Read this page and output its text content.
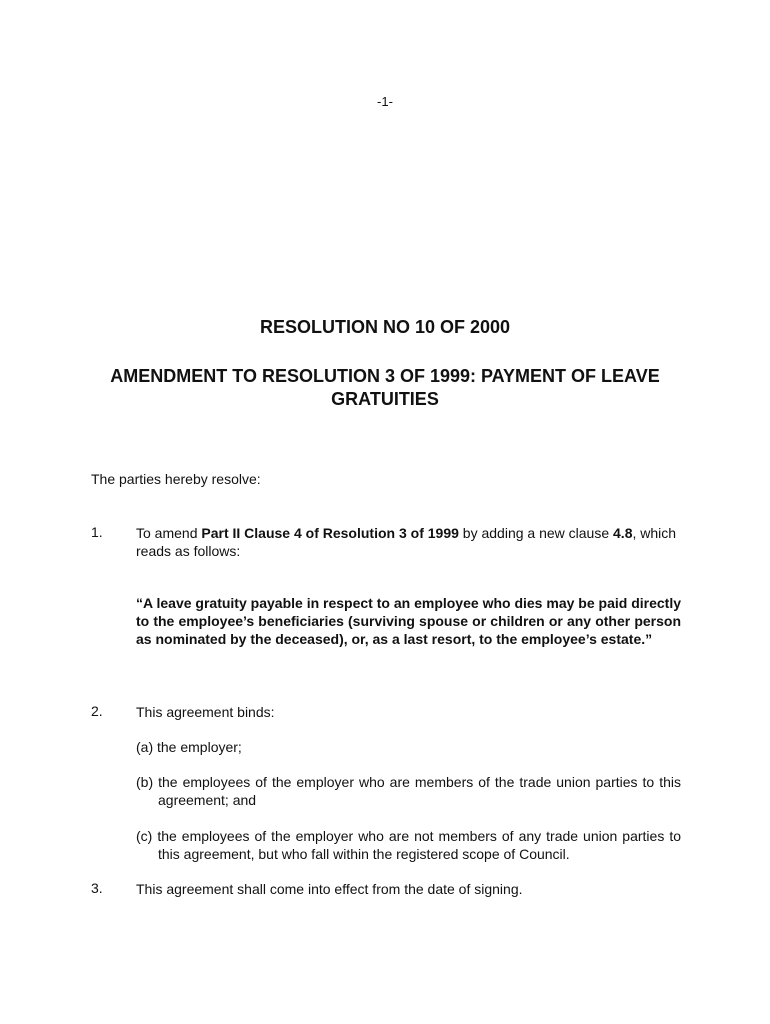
-1-
RESOLUTION NO 10 OF 2000
AMENDMENT TO RESOLUTION 3 OF 1999: PAYMENT OF LEAVE GRATUITIES
The parties hereby resolve:
1. To amend Part II Clause 4 of Resolution 3 of 1999 by adding a new clause 4.8, which reads as follows:
“A leave gratuity payable in respect to an employee who dies may be paid directly to the employee’s beneficiaries (surviving spouse or children or any other person as nominated by the deceased), or, as a last resort, to the employee’s estate.”
2. This agreement binds:
(a) the employer;
(b) the employees of the employer who are members of the trade union parties to this agreement; and
(c) the employees of the employer who are not members of any trade union parties to this agreement, but who fall within the registered scope of Council.
3. This agreement shall come into effect from the date of signing.
